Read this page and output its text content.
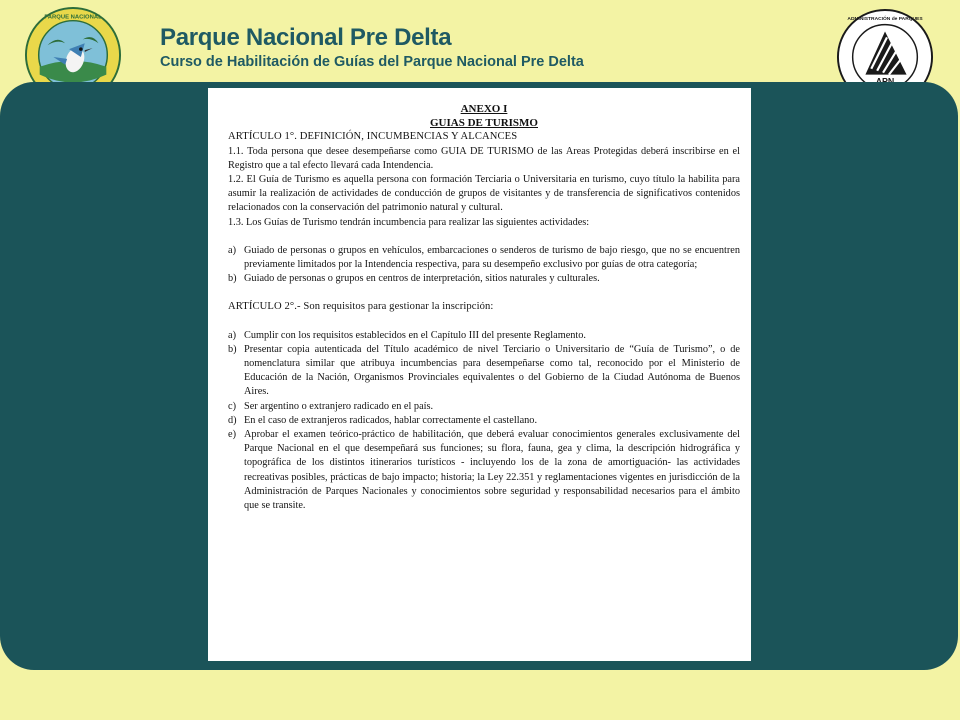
PARQUE NACIONAL
Parque Nacional Pre Delta
Curso de Habilitación de Guías del Parque Nacional Pre Delta
ADMINISTRACIÓN de PARQUES

ANEXO I

GUIAS DE TURISMO

ARTÍCULO 1°. DEFINICIÓN, INCUMBENCIAS Y ALCANCES

1.1. Toda persona que desee desempeñarse como GUIA DE TURISMO de las Areas Protegidas deberá inscribirse en el Registro que a tal efecto llevará cada Intendencia.

1.2. El Guía de Turismo es aquella persona con formación Terciaria o Universitaria en turismo, cuyo título la habilita para asumir la realización de actividades de conducción de grupos de visitantes y de transferencia de significativos contenidos relacionados con la conservación del patrimonio natural y cultural.

1.3. Los Guías de Turismo tendrán incumbencia para realizar las siguientes actividades:

a) Guiado de personas o grupos en vehículos, embarcaciones o senderos de turismo de bajo riesgo, que no se encuentren previamente limitados por la Intendencia respectiva, para su desempeño exclusivo por guías de otra categoría;
b) Guiado de personas o grupos en centros de interpretación, sitios naturales y culturales.

ARTÍCULO 2°.- Son requisitos para gestionar la inscripción:

a) Cumplir con los requisitos establecidos en el Capítulo III del presente Reglamento.
b) Presentar copia autenticada del Título académico de nivel Terciario o Universitario de “Guía de Turismo”, o de nomenclatura similar que atribuya incumbencias para desempeñarse como tal, reconocido por el Ministerio de Educación de la Nación, Organismos Provinciales equivalentes o del Gobierno de la Ciudad Autónoma de Buenos Aires.
c) Ser argentino o extranjero radicado en el país.
d) En el caso de extranjeros radicados, hablar correctamente el castellano.
e) Aprobar el examen teórico-práctico de habilitación, que deberá evaluar conocimientos generales exclusivamente del Parque Nacional en el que desempeñará sus funciones; su flora, fauna, gea y clima, la descripción hidrográfica y topográfica de los distintos itinerarios turísticos - incluyendo los de la zona de amortiguación- las actividades recreativas posibles, prácticas de bajo impacto; historia; la Ley 22.351 y reglamentaciones vigentes en jurisdicción de la Administración de Parques Nacionales y conocimientos sobre seguridad y responsabilidad necesarios para el ámbito que se transite.
